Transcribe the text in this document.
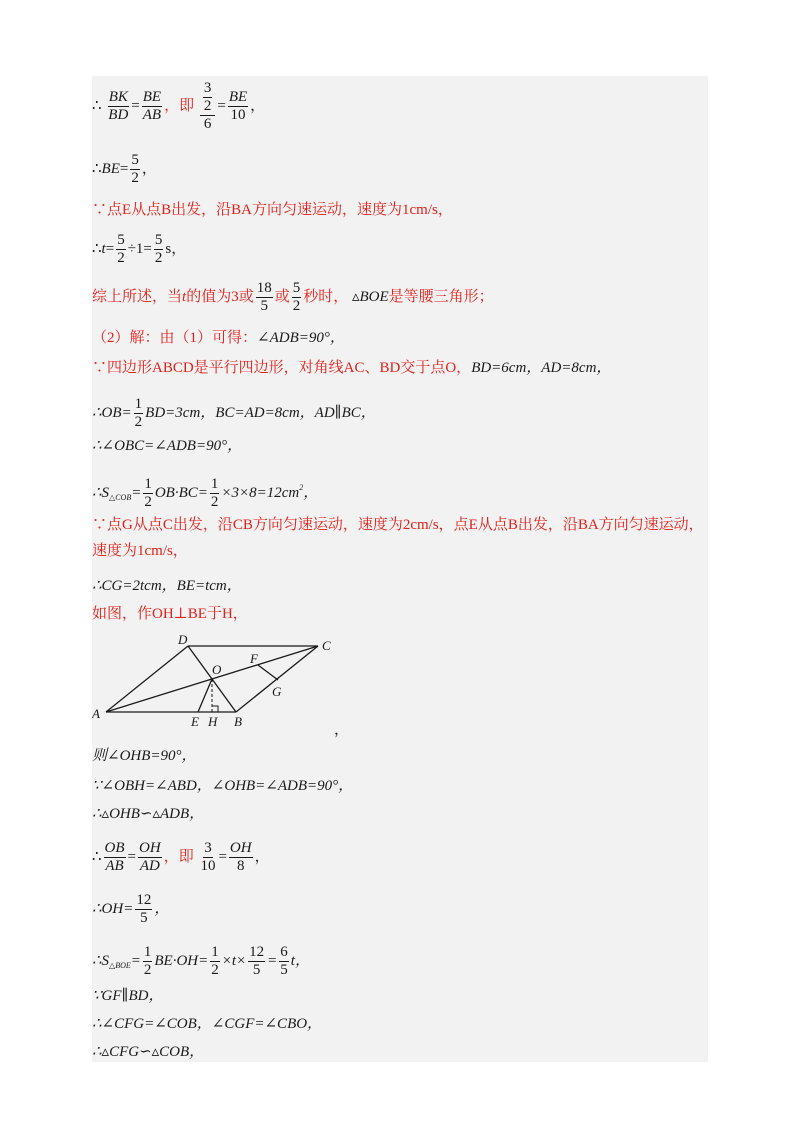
∴ $\frac{BK}{BD} = \frac{BE}{AB}$ ，即 $\frac{\frac{3}{2}}{6} = \frac{BE}{10}$ ，
∴BE= $\frac{5}{2}$ ，
∵点E从点B出发，沿BA方向匀速运动，速度为1cm/s，
∴t= $\frac{5}{2} \div 1= \frac{5}{2}$ s，
综上所述，当t的值为3或 $\frac{18}{5}$ 或 $\frac{5}{2}$ 秒时， ▵BOE是等腰三角形；
（2）解：由（1）可得：∠ADB=90°，
∵四边形ABCD是平行四边形，对角线AC、BD交于点O，BD=6cm，AD=8cm，
∴OB= $\frac{1}{2} BD=3cm$，BC=AD=8cm，AD∥BC，
∴∠OBC=∠ADB=90°，
$\therefore S_{\triangle COB}= \frac{1}{2} OB\cdot BC= \frac{1}{2} \times 3\times 8=12cm^2$，
∵点G从点C出发，沿CB方向匀速运动，速度为2cm/s，点E从点B出发，沿BA方向匀速运动，速度为1cm/s，
∴CG=2tcm，BE=tcm，
如图，作OH⊥BE于H，
A
B
C
D
O
E H
F
G
，
则∠OHB=90°，
∵∠OBH=∠ABD，∠OHB=∠ADB=90°，
∴▵OHB∽▵ADB，
∴ $\frac{OB}{AB} = \frac{OH}{AD}$ ，即 $\frac{3}{10} = \frac{OH}{8}$ ，
∴OH= $\frac{12}{5}$ ，
$\therefore S_{\triangle BOE}= \frac{1}{2} BE\cdot OH= \frac{1}{2} \times t\times \frac{12}{5} = \frac{6}{5}$ t，
∵GF∥BD，
∴∠CFG=∠COB，∠CGF=∠CBO，
∴▵CFG∽▵COB，
